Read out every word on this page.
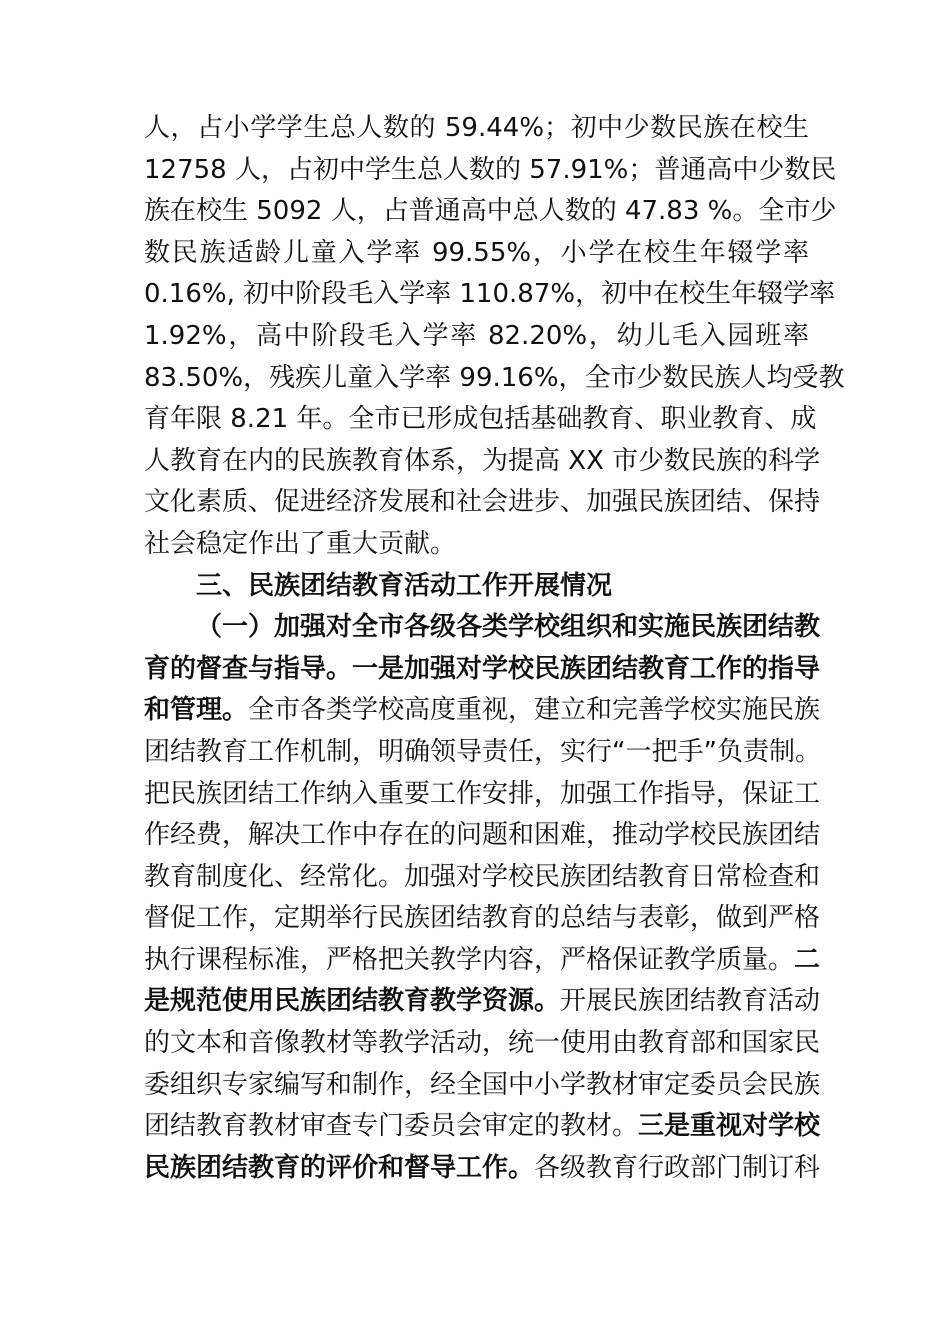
人，占小学学生总人数的 59.44%；初中少数民族在校生
12758 人，占初中学生总人数的 57.91%；普通高中少数民
族在校生 5092 人，占普通高中总人数的 47.83 %。全市少
数民族适龄儿童入学率 99.55%，小学在校生年辍学率
0.16%, 初中阶段毛入学率 110.87%，初中在校生年辍学率
1.92%，高中阶段毛入学率 82.20%，幼儿毛入园班率
83.50%，残疾儿童入学率 99.16%，全市少数民族人均受教
育年限 8.21 年。全市已形成包括基础教育、职业教育、成
人教育在内的民族教育体系，为提高 XX 市少数民族的科学
文化素质、促进经济发展和社会进步、加强民族团结、保持
社会稳定作出了重大贡献。
三、民族团结教育活动工作开展情况
（一）加强对全市各级各类学校组织和实施民族团结教
育的督查与指导。一是加强对学校民族团结教育工作的指导
和管理。全市各类学校高度重视，建立和完善学校实施民族
团结教育工作机制，明确领导责任，实行“一把手”负责制。
把民族团结工作纳入重要工作安排，加强工作指导，保证工
作经费，解决工作中存在的问题和困难，推动学校民族团结
教育制度化、经常化。加强对学校民族团结教育日常检查和
督促工作，定期举行民族团结教育的总结与表彰，做到严格
执行课程标准，严格把关教学内容，严格保证教学质量。二
是规范使用民族团结教育教学资源。开展民族团结教育活动
的文本和音像教材等教学活动，统一使用由教育部和国家民
委组织专家编写和制作，经全国中小学教材审定委员会民族
团结教育教材审查专门委员会审定的教材。三是重视对学校
民族团结教育的评价和督导工作。各级教育行政部门制订科
